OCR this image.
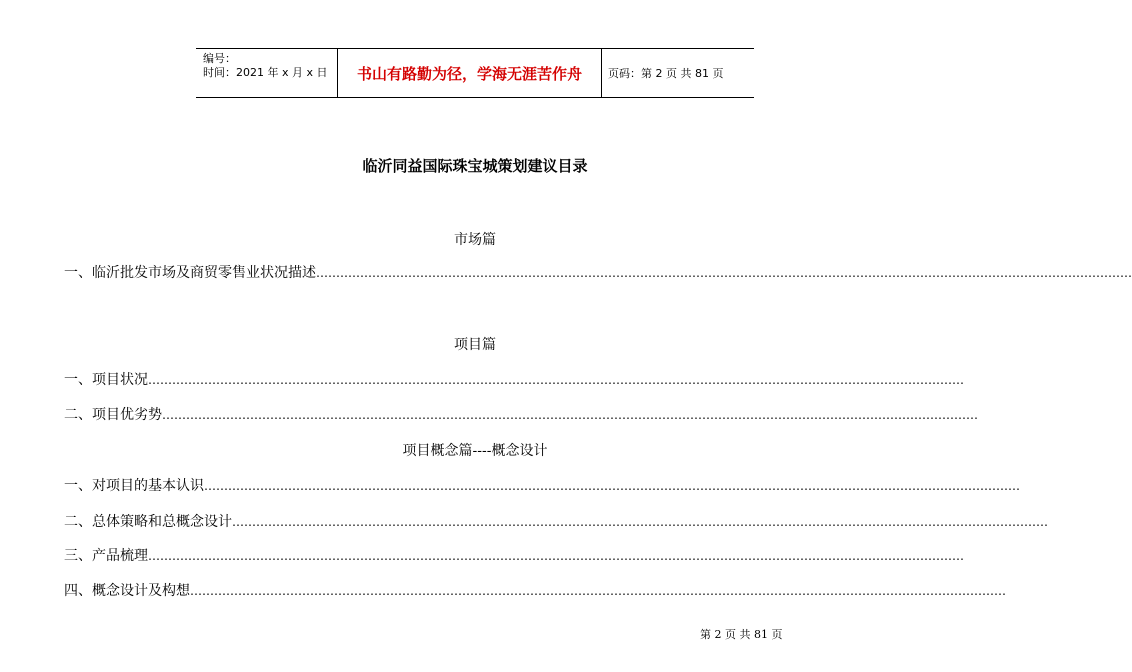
编号：
时间：2021 年 x 月 x 日	书山有路勤为径，学海无涯苦作舟	页码：第 2 页 共 81 页
临沂同益国际珠宝城策划建议目录
市场篇
一、 临沂批发市场及商贸零售业状况描述 ……………………………………………………………………………………………………………………………………………………………………………………
项目篇
一、 项目状况 ……………………………………………………………………………………………………………………………………………………………………………………
二、 项目优劣势 ……………………………………………………………………………………………………………………………………………………………………………………
项目概念篇----概念设计
一、 对项目的基本认识 ……………………………………………………………………………………………………………………………………………………………………………………
二、 总体策略和总概念设计 ……………………………………………………………………………………………………………………………………………………………………………………
三、 产品梳理 ……………………………………………………………………………………………………………………………………………………………………………………
四、 概念设计及构想 ……………………………………………………………………………………………………………………………………………………………………………………
第 2 页 共 81 页
